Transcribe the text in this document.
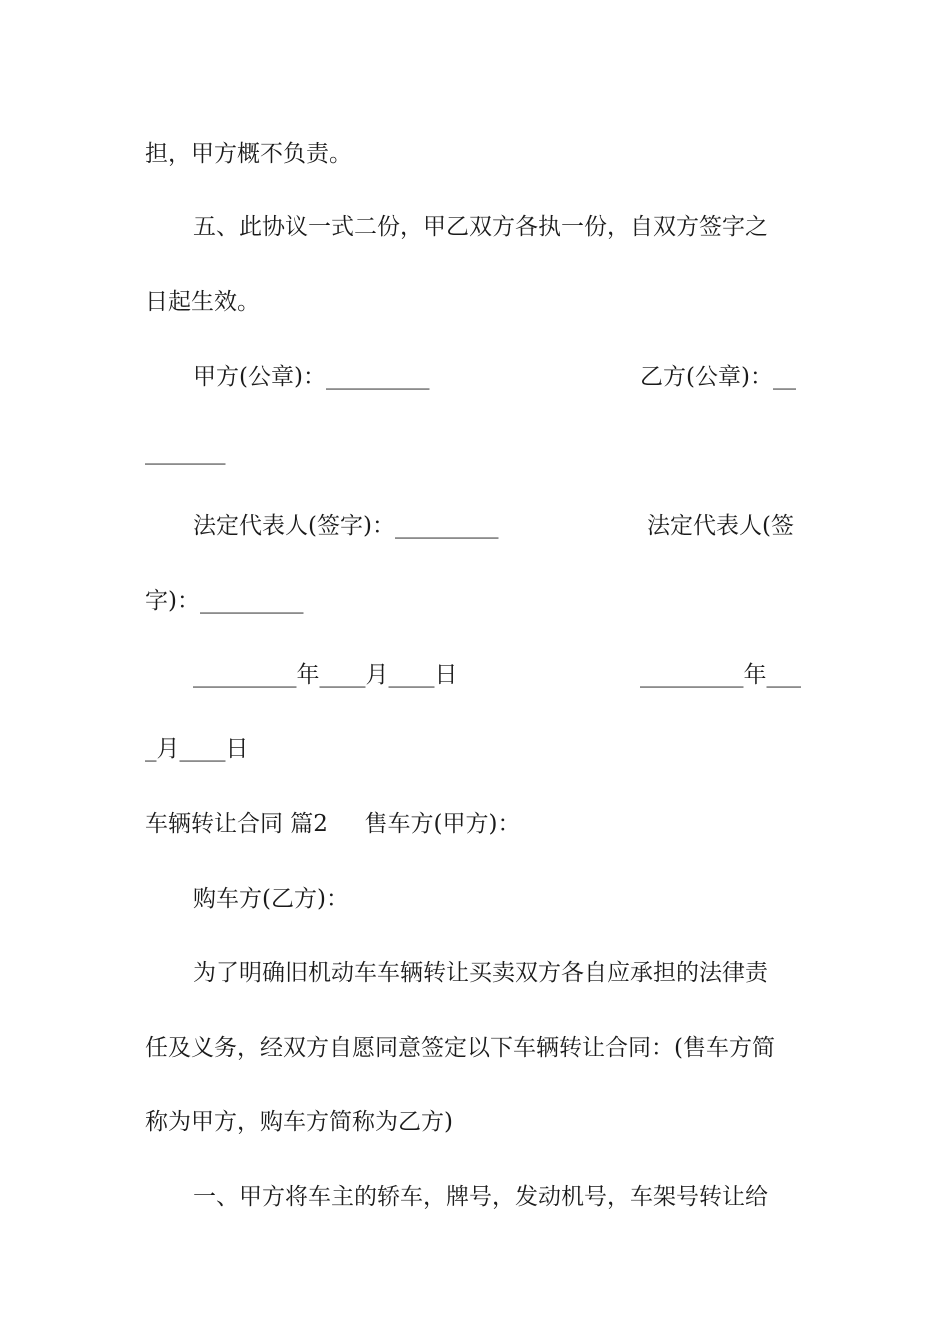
担，甲方概不负责。
五、此协议一式二份，甲乙双方各执一份，自双方签字之
日起生效。
甲方(公章)：_________	乙方(公章)：__
_______
法定代表人(签字)：_________	法定代表人(签
字)：_________
_________年____月____日	_________年___
_月____日
车辆转让合同 篇2     售车方(甲方)：
购车方(乙方)：
为了明确旧机动车车辆转让买卖双方各自应承担的法律责
任及义务，经双方自愿同意签定以下车辆转让合同：(售车方简
称为甲方，购车方简称为乙方)
一、甲方将车主的轿车，牌号，发动机号，车架号转让给
